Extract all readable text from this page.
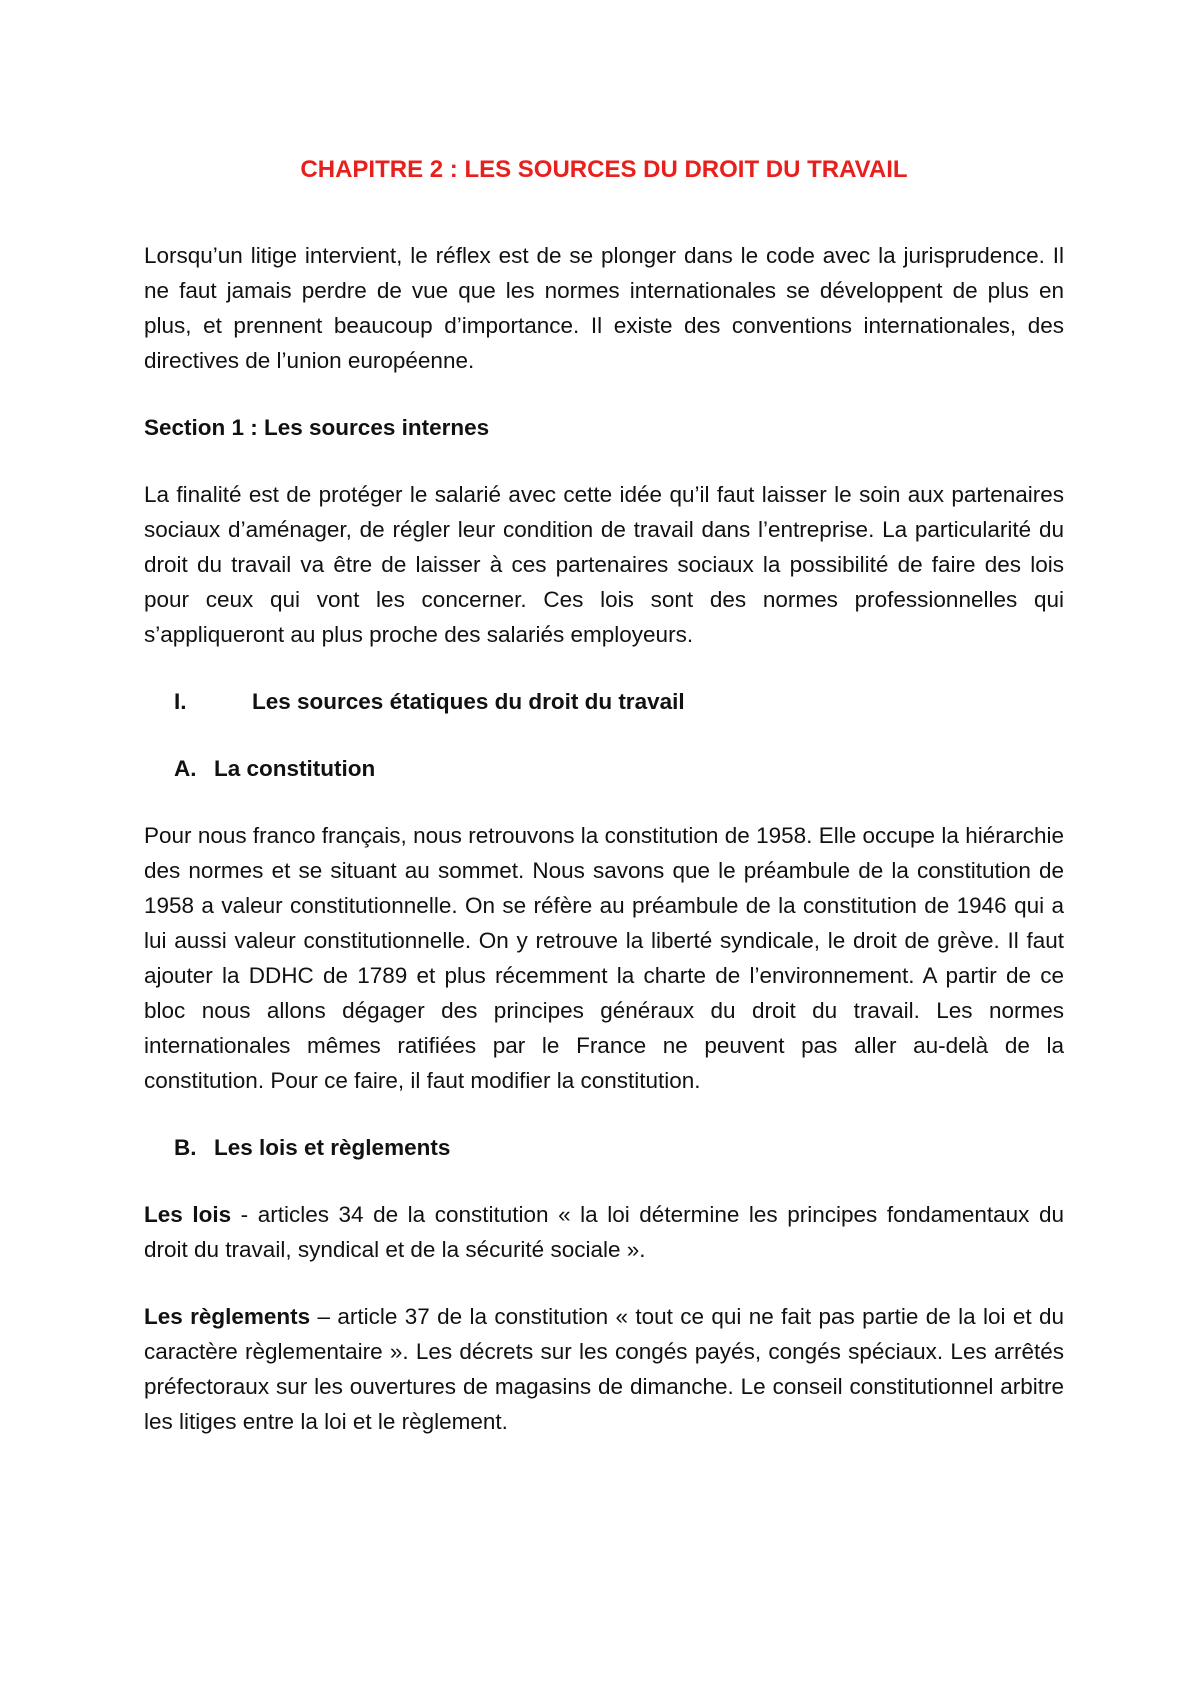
CHAPITRE 2 : LES SOURCES DU DROIT DU TRAVAIL

Lorsqu’un litige intervient, le réflex est de se plonger dans le code avec la jurisprudence. Il ne faut jamais perdre de vue que les normes internationales se développent de plus en plus, et prennent beaucoup d’importance. Il existe des conventions internationales, des directives de l’union européenne.

Section 1 : Les sources internes

La finalité est de protéger le salarié avec cette idée qu’il faut laisser le soin aux partenaires sociaux d’aménager, de régler leur condition de travail dans l’entreprise. La particularité du droit du travail va être de laisser à ces partenaires sociaux la possibilité de faire des lois pour ceux qui vont les concerner. Ces lois sont des normes professionnelles qui s’appliqueront au plus proche des salariés employeurs.

I.	Les sources étatiques du droit du travail

A. La constitution

Pour nous franco français, nous retrouvons la constitution de 1958. Elle occupe la hiérarchie des normes et se situant au sommet. Nous savons que le préambule de la constitution de 1958 a valeur constitutionnelle. On se réfère au préambule de la constitution de 1946 qui a lui aussi valeur constitutionnelle. On y retrouve la liberté syndicale, le droit de grève. Il faut ajouter la DDHC de 1789 et plus récemment la charte de l’environnement. A partir de ce bloc nous allons dégager des principes généraux du droit du travail. Les normes internationales mêmes ratifiées par le France ne peuvent pas aller au-delà de la constitution. Pour ce faire, il faut modifier la constitution.

B. Les lois et règlements

Les lois - articles 34 de la constitution « la loi détermine les principes fondamentaux du droit du travail, syndical et de la sécurité sociale ».

Les règlements – article 37 de la constitution « tout ce qui ne fait pas partie de la loi et du caractère règlementaire ». Les décrets sur les congés payés, congés spéciaux. Les arrêtés préfectoraux sur les ouvertures de magasins de dimanche. Le conseil constitutionnel arbitre les litiges entre la loi et le règlement.
